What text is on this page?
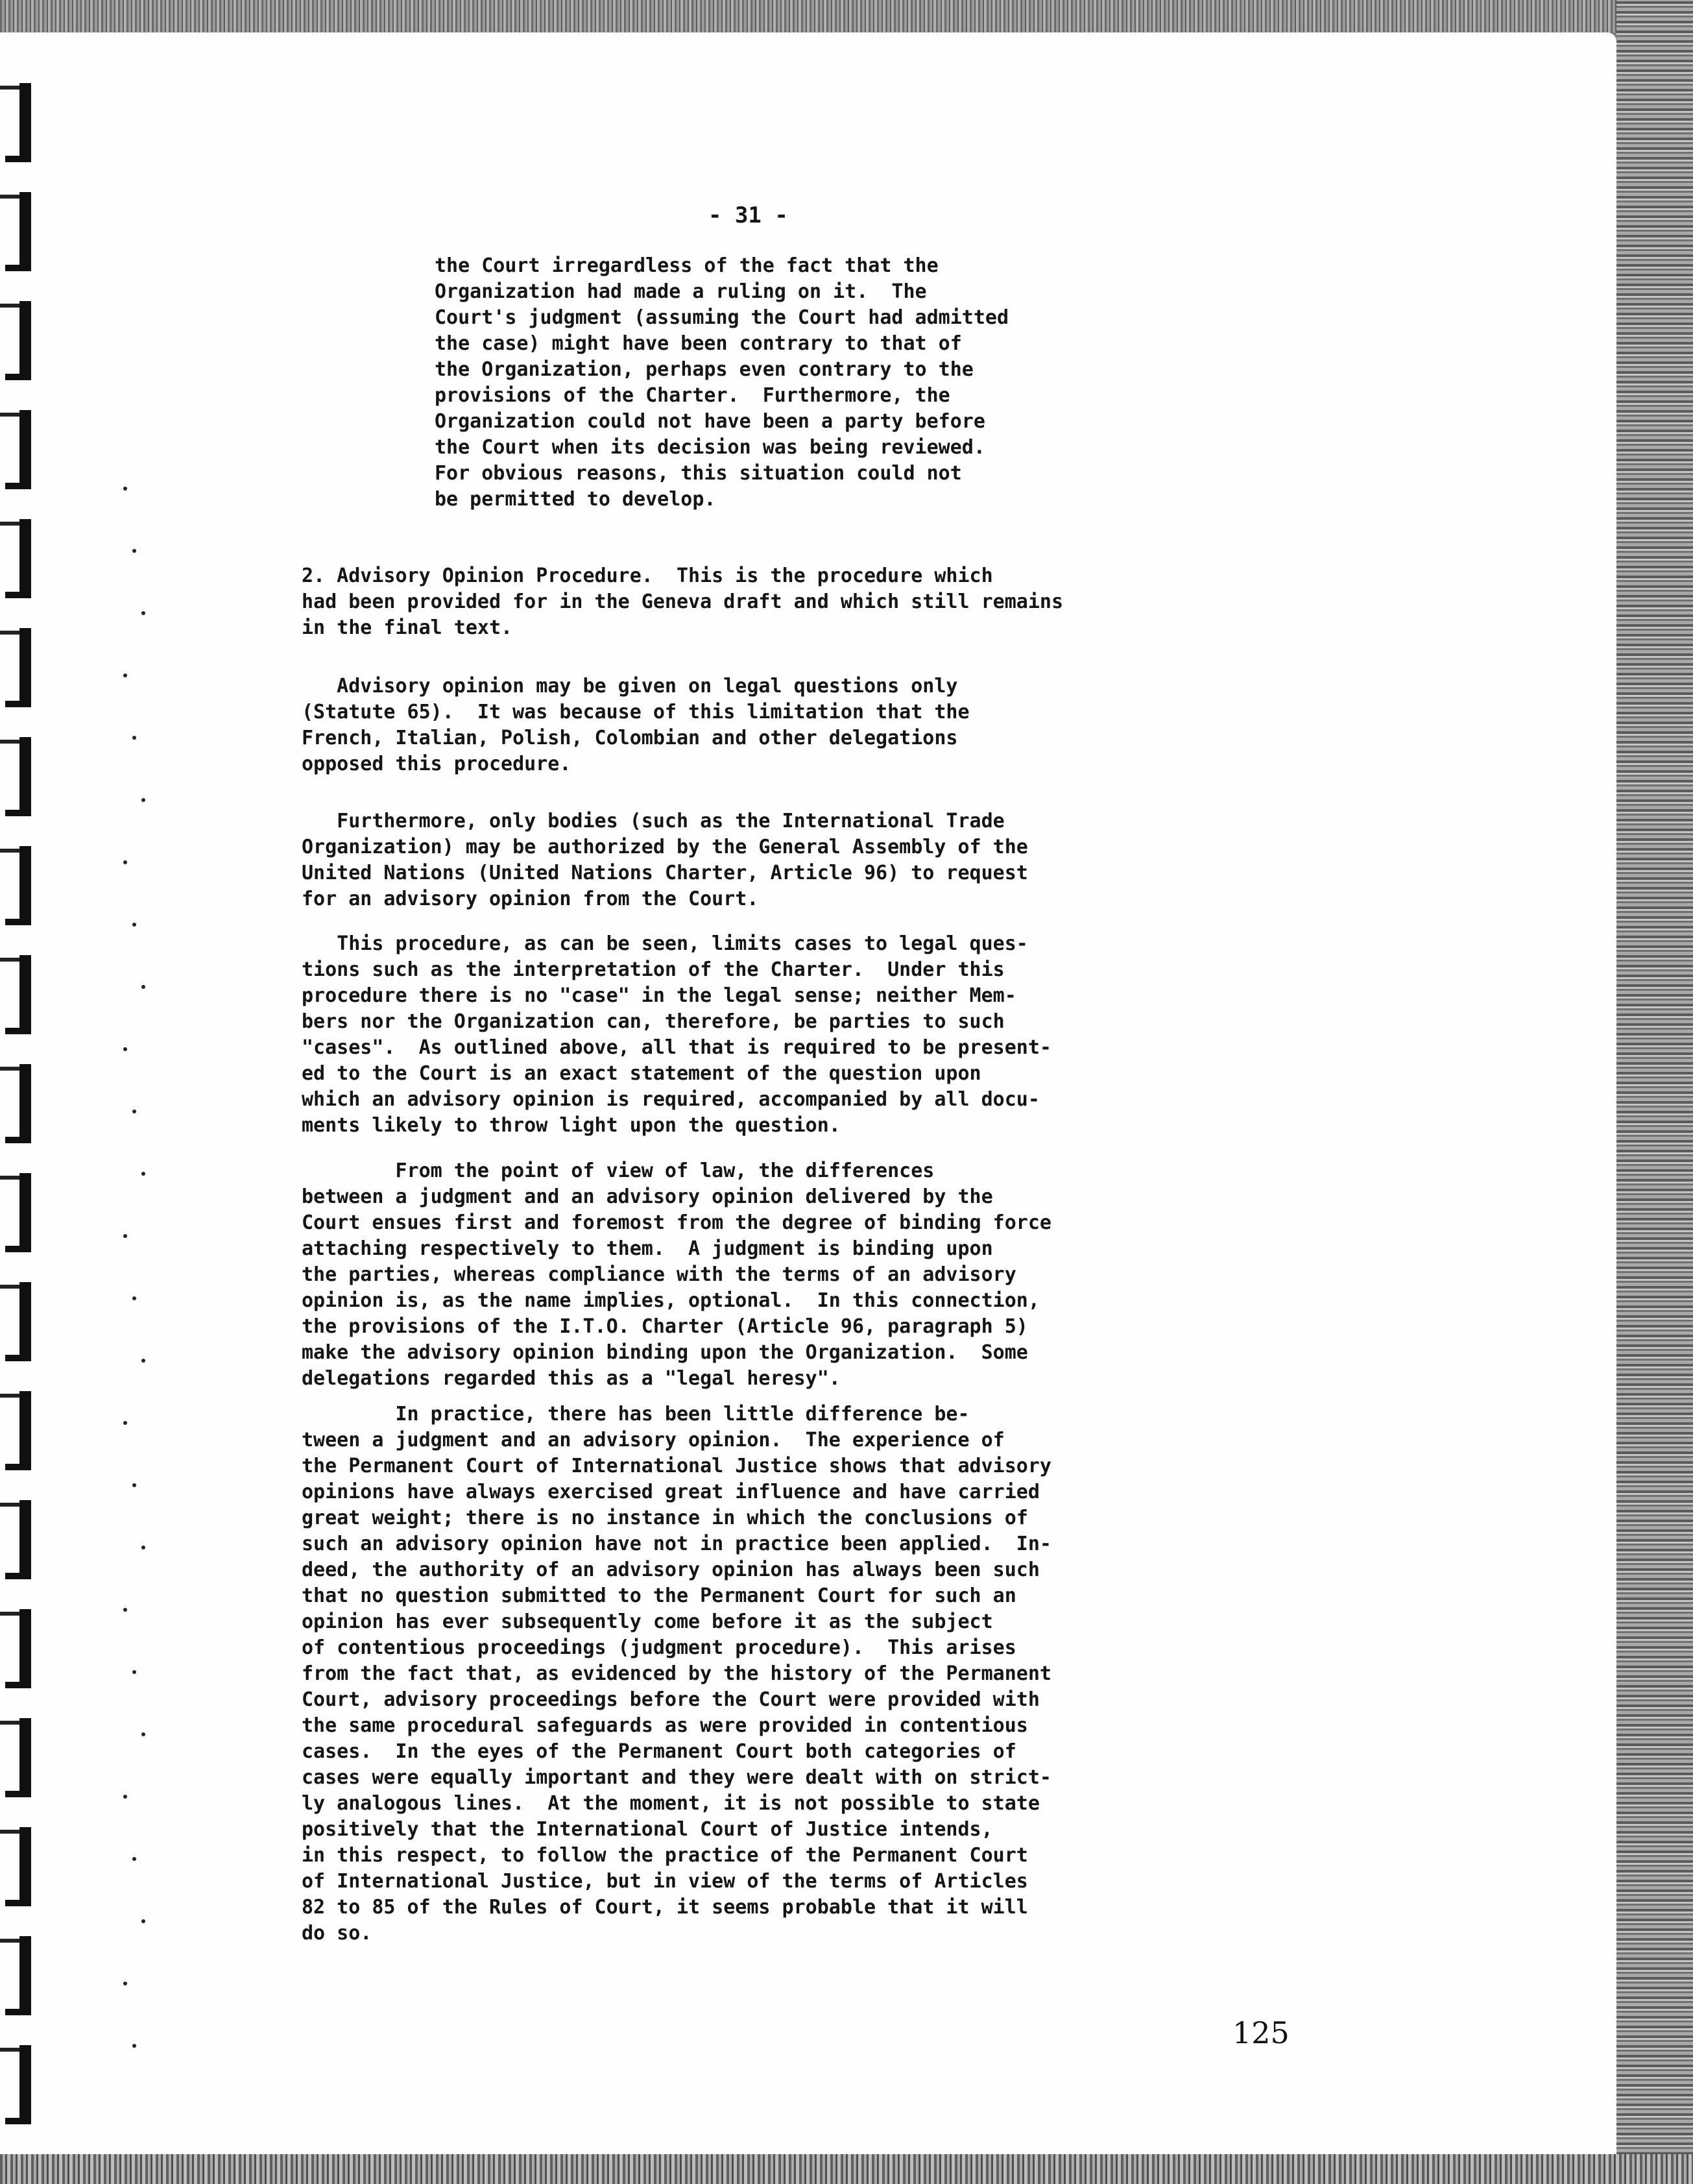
- 31 -

the Court irregardless of the fact that the
Organization had made a ruling on it.  The
Court's judgment (assuming the Court had admitted
the case) might have been contrary to that of
the Organization, perhaps even contrary to the
provisions of the Charter.  Furthermore, the
Organization could not have been a party before
the Court when its decision was being reviewed.
For obvious reasons, this situation could not
be permitted to develop.

2. Advisory Opinion Procedure.  This is the procedure which
had been provided for in the Geneva draft and which still remains
in the final text.

Advisory opinion may be given on legal questions only
(Statute 65).  It was because of this limitation that the
French, Italian, Polish, Colombian and other delegations
opposed this procedure.

Furthermore, only bodies (such as the International Trade
Organization) may be authorized by the General Assembly of the
United Nations (United Nations Charter, Article 96) to request
for an advisory opinion from the Court.

This procedure, as can be seen, limits cases to legal ques-
tions such as the interpretation of the Charter.  Under this
procedure there is no "case" in the legal sense; neither Mem-
bers nor the Organization can, therefore, be parties to such
"cases".  As outlined above, all that is required to be present-
ed to the Court is an exact statement of the question upon
which an advisory opinion is required, accompanied by all docu-
ments likely to throw light upon the question.

From the point of view of law, the differences
between a judgment and an advisory opinion delivered by the
Court ensues first and foremost from the degree of binding force
attaching respectively to them.  A judgment is binding upon
the parties, whereas compliance with the terms of an advisory
opinion is, as the name implies, optional.  In this connection,
the provisions of the I.T.O. Charter (Article 96, paragraph 5)
make the advisory opinion binding upon the Organization.  Some
delegations regarded this as a "legal heresy".

In practice, there has been little difference be-
tween a judgment and an advisory opinion.  The experience of
the Permanent Court of International Justice shows that advisory
opinions have always exercised great influence and have carried
great weight; there is no instance in which the conclusions of
such an advisory opinion have not in practice been applied.  In-
deed, the authority of an advisory opinion has always been such
that no question submitted to the Permanent Court for such an
opinion has ever subsequently come before it as the subject
of contentious proceedings (judgment procedure).  This arises
from the fact that, as evidenced by the history of the Permanent
Court, advisory proceedings before the Court were provided with
the same procedural safeguards as were provided in contentious
cases.  In the eyes of the Permanent Court both categories of
cases were equally important and they were dealt with on strict-
ly analogous lines.  At the moment, it is not possible to state
positively that the International Court of Justice intends,
in this respect, to follow the practice of the Permanent Court
of International Justice, but in view of the terms of Articles
82 to 85 of the Rules of Court, it seems probable that it will
do so.

125
